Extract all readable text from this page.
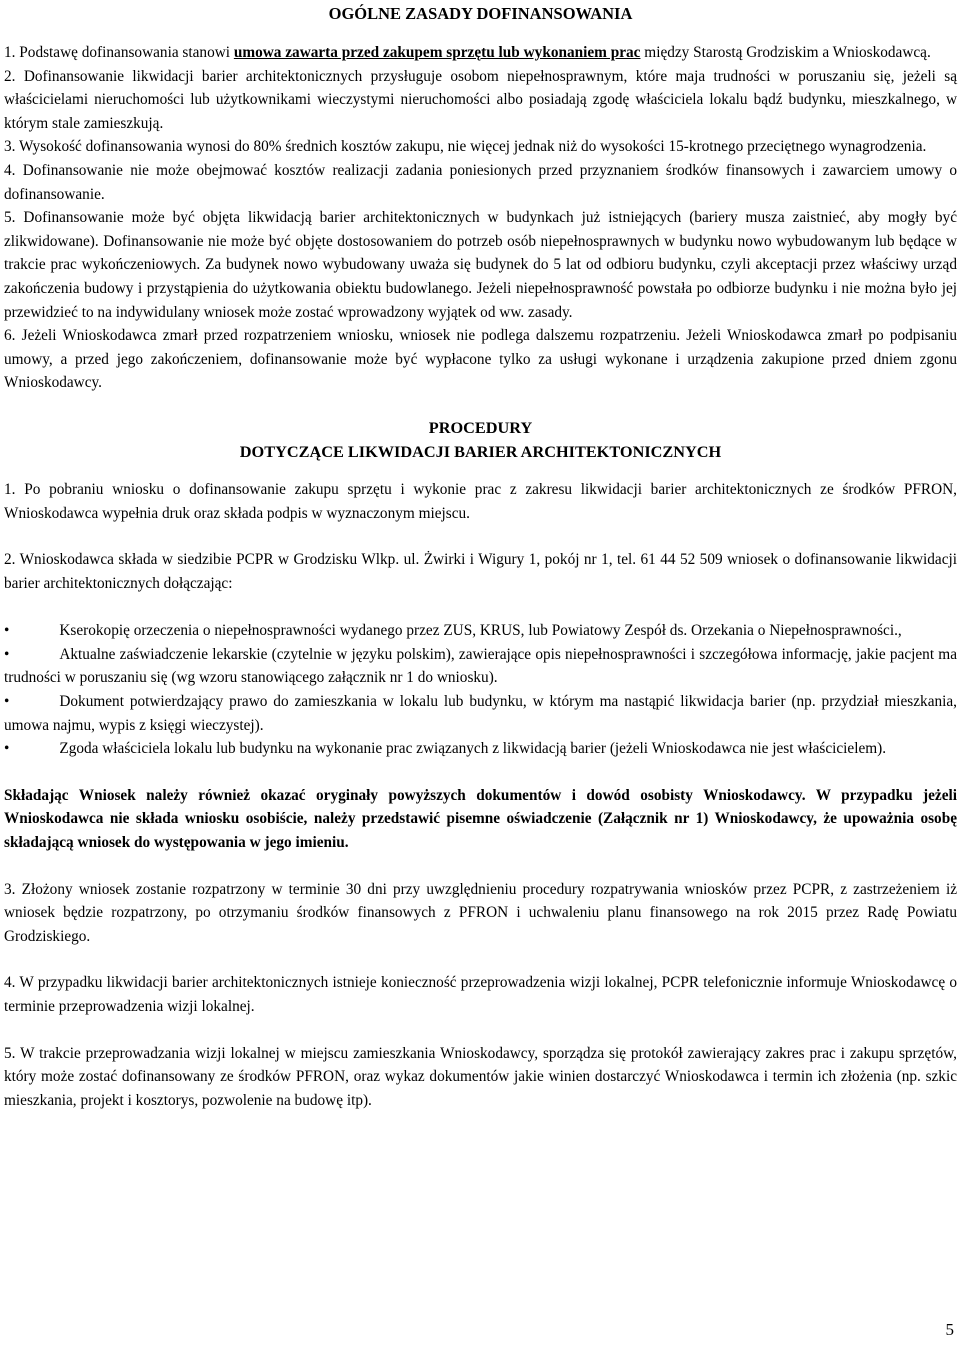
OGÓLNE ZASADY DOFINANSOWANIA

1. Podstawę dofinansowania stanowi umowa zawarta przed zakupem sprzętu lub wykonaniem prac między Starostą Grodziskim a Wnioskodawcą.

2. Dofinansowanie likwidacji barier architektonicznych przysługuje osobom niepełnosprawnym, które maja trudności w poruszaniu się, jeżeli są właścicielami nieruchomości lub użytkownikami wieczystymi nieruchomości albo posiadają zgodę właściciela lokalu bądź budynku, mieszkalnego, w którym stale zamieszkują.

3. Wysokość dofinansowania wynosi do 80% średnich kosztów zakupu, nie więcej jednak niż do wysokości 15-krotnego przeciętnego wynagrodzenia.

4. Dofinansowanie nie może obejmować kosztów realizacji zadania poniesionych przed przyznaniem środków finansowych i zawarciem umowy o dofinansowanie.

5. Dofinansowanie może być objęta likwidacją barier architektonicznych w budynkach już istniejących (bariery musza zaistnieć, aby mogły być zlikwidowane). Dofinansowanie nie może być objęte dostosowaniem do potrzeb osób niepełnosprawnych w budynku nowo wybudowanym lub będące w trakcie prac wykończeniowych. Za budynek nowo wybudowany uważa się budynek do 5 lat od odbioru budynku, czyli akceptacji przez właściwy urząd zakończenia budowy i przystąpienia do użytkowania obiektu budowlanego. Jeżeli niepełnosprawność powstała po odbiorze budynku i nie można było jej przewidzieć to na indywidulany wniosek może zostać wprowadzony wyjątek od ww. zasady.

6. Jeżeli Wnioskodawca zmarł przed rozpatrzeniem wniosku, wniosek nie podlega dalszemu rozpatrzeniu. Jeżeli Wnioskodawca zmarł po podpisaniu umowy, a przed jego zakończeniem, dofinansowanie może być wypłacone tylko za usługi wykonane i urządzenia zakupione przed dniem zgonu Wnioskodawcy.

PROCEDURY

DOTYCZĄCE LIKWIDACJI BARIER ARCHITEKTONICZNYCH

1. Po pobraniu wniosku o dofinansowanie zakupu sprzętu i wykonie prac z zakresu likwidacji barier architektonicznych ze środków PFRON, Wnioskodawca wypełnia druk oraz składa podpis w wyznaczonym miejscu.

2. Wnioskodawca składa w siedzibie PCPR w Grodzisku Wlkp. ul. Żwirki i Wigury 1, pokój nr 1, tel. 61 44 52 509 wniosek o dofinansowanie likwidacji barier architektonicznych dołączając:

•	Kserokopię orzeczenia o niepełnosprawności wydanego przez ZUS, KRUS, lub Powiatowy Zespół ds. Orzekania o Niepełnosprawności.,
•	Aktualne zaświadczenie lekarskie (czytelnie w języku polskim), zawierające opis niepełnosprawności i szczegółowa informację, jakie pacjent ma trudności w poruszaniu się (wg wzoru stanowiącego załącznik nr 1 do wniosku).
•	Dokument potwierdzający prawo do zamieszkania w lokalu lub budynku, w którym ma nastąpić likwidacja barier (np. przydział mieszkania, umowa najmu, wypis z księgi wieczystej).
•	Zgoda właściciela lokalu lub budynku na wykonanie prac związanych z likwidacją barier (jeżeli Wnioskodawca nie jest właścicielem).

Składając Wniosek należy również okazać oryginały powyższych dokumentów i dowód osobisty Wnioskodawcy. W przypadku jeżeli Wnioskodawca nie składa wniosku osobiście, należy przedstawić pisemne oświadczenie (Załącznik nr 1) Wnioskodawcy, że upoważnia osobę składającą wniosek do występowania w jego imieniu.

3. Złożony wniosek zostanie rozpatrzony w terminie 30 dni przy uwzględnieniu procedury rozpatrywania wniosków przez PCPR, z zastrzeżeniem iż wniosek będzie rozpatrzony, po otrzymaniu środków finansowych z PFRON i uchwaleniu planu finansowego na rok 2015 przez Radę Powiatu Grodziskiego.

4. W przypadku likwidacji barier architektonicznych istnieje konieczność przeprowadzenia wizji lokalnej, PCPR telefonicznie informuje Wnioskodawcę o terminie przeprowadzenia wizji lokalnej.

5. W trakcie przeprowadzania wizji lokalnej w miejscu zamieszkania Wnioskodawcy, sporządza się protokół zawierający zakres prac i zakupu sprzętów, który może zostać dofinansowany ze środków PFRON, oraz wykaz dokumentów jakie winien dostarczyć Wnioskodawca i termin ich złożenia (np. szkic mieszkania, projekt i kosztorys, pozwolenie na budowę itp).

5
